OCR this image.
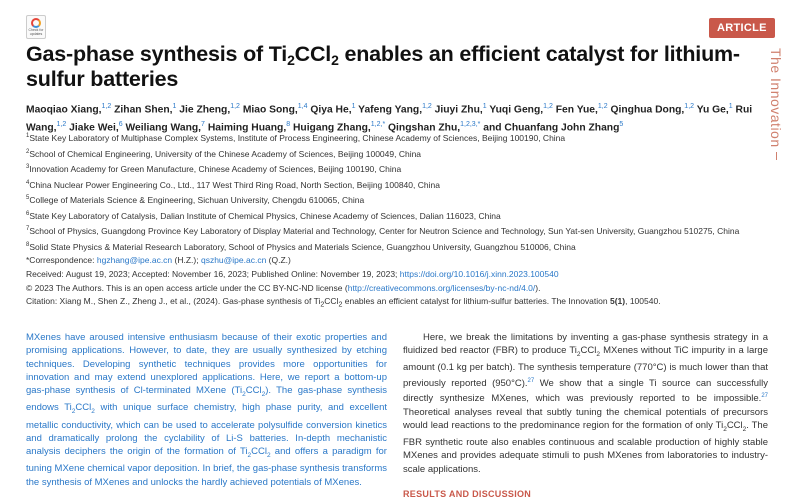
Check for updates	ARTICLE
The Innovation
Gas-phase synthesis of $Ti_2CCl_2$ enables an efficient catalyst for lithium-sulfur batteries
Maoqiao Xiang,$^{1,2}$ Zihan Shen,$^1$ Jie Zheng,$^{1,2}$ Miao Song,$^{1,4}$ Qiya He,$^1$ Yafeng Yang,$^{1,2}$ Jiuyi Zhu,$^1$ Yuqi Geng,$^{1,2}$ Fen Yue,$^{1,2}$ Qinghua Dong,$^{1,2}$ Yu Ge,$^1$ Rui Wang,$^{1,2}$ Jiake Wei,$^6$ Weiliang Wang,$^7$ Haiming Huang,$^8$ Huigang Zhang,$^{1,2,*}$ Qingshan Zhu,$^{1,2,3,*}$ and Chuanfang John Zhang$^5$
$^1$State Key Laboratory of Multiphase Complex Systems, Institute of Process Engineering, Chinese Academy of Sciences, Beijing 100190, China
$^2$School of Chemical Engineering, University of the Chinese Academy of Sciences, Beijing 100049, China
$^3$Innovation Academy for Green Manufacture, Chinese Academy of Sciences, Beijing 100190, China
$^4$China Nuclear Power Engineering Co., Ltd., 117 West Third Ring Road, North Section, Beijing 100840, China
$^5$College of Materials Science & Engineering, Sichuan University, Chengdu 610065, China
$^6$State Key Laboratory of Catalysis, Dalian Institute of Chemical Physics, Chinese Academy of Sciences, Dalian 116023, China
$^7$School of Physics, Guangdong Province Key Laboratory of Display Material and Technology, Center for Neutron Science and Technology, Sun Yat-sen University, Guangzhou 510275, China
$^8$Solid State Physics & Material Research Laboratory, School of Physics and Materials Science, Guangzhou University, Guangzhou 510006, China
*Correspondence: hgzhang@ipe.ac.cn (H.Z.); qszhu@ipe.ac.cn (Q.Z.)
Received: August 19, 2023; Accepted: November 16, 2023; Published Online: November 19, 2023; https://doi.org/10.1016/j.xinn.2023.100540
© 2023 The Authors. This is an open access article under the CC BY-NC-ND license (http://creativecommons.org/licenses/by-nc-nd/4.0/).
Citation: Xiang M., Shen Z., Zheng J., et al., (2024). Gas-phase synthesis of $Ti_2CCl_2$ enables an efficient catalyst for lithium-sulfur batteries. The Innovation 5(1), 100540.
MXenes have aroused intensive enthusiasm because of their exotic properties and promising applications. However, to date, they are usually synthesized by etching techniques. Developing synthetic techniques provides more opportunities for innovation and may extend unexplored applications. Here, we report a bottom-up gas-phase synthesis of Cl-terminated MXene $(Ti_2CCl_2)$. The gas-phase synthesis endows $Ti_2CCl_2$ with unique surface chemistry, high phase purity, and excellent metallic conductivity, which can be used to accelerate polysulfide conversion kinetics and dramatically prolong the cyclability of Li-S batteries. In-depth mechanistic analysis deciphers the origin of the formation of $Ti_2CCl_2$ and offers a paradigm for tuning MXene chemical vapor deposition. In brief, the gas-phase synthesis transforms the synthesis of MXenes and unlocks the hardly achieved potentials of MXenes.
Here, we break the limitations by inventing a gas-phase synthesis strategy in a fluidized bed reactor (FBR) to produce $Ti_2CCl_2$ MXenes without TiC impurity in a large amount (0.1 kg per batch). The synthesis temperature (770°C) is much lower than that previously reported (950°C).$^{27}$ We show that a single Ti source can successfully directly synthesize MXenes, which was previously reported to be impossible.$^{27}$ Theoretical analyses reveal that subtly tuning the chemical potentials of precursors would lead reactions to the predominance region for the formation of only $Ti_2CCl_2$. The FBR synthetic route also enables continuous and scalable production of highly stable MXenes and provides adequate stimuli to push MXenes from laboratories to industry-scale applications.
RESULTS AND DISCUSSION
